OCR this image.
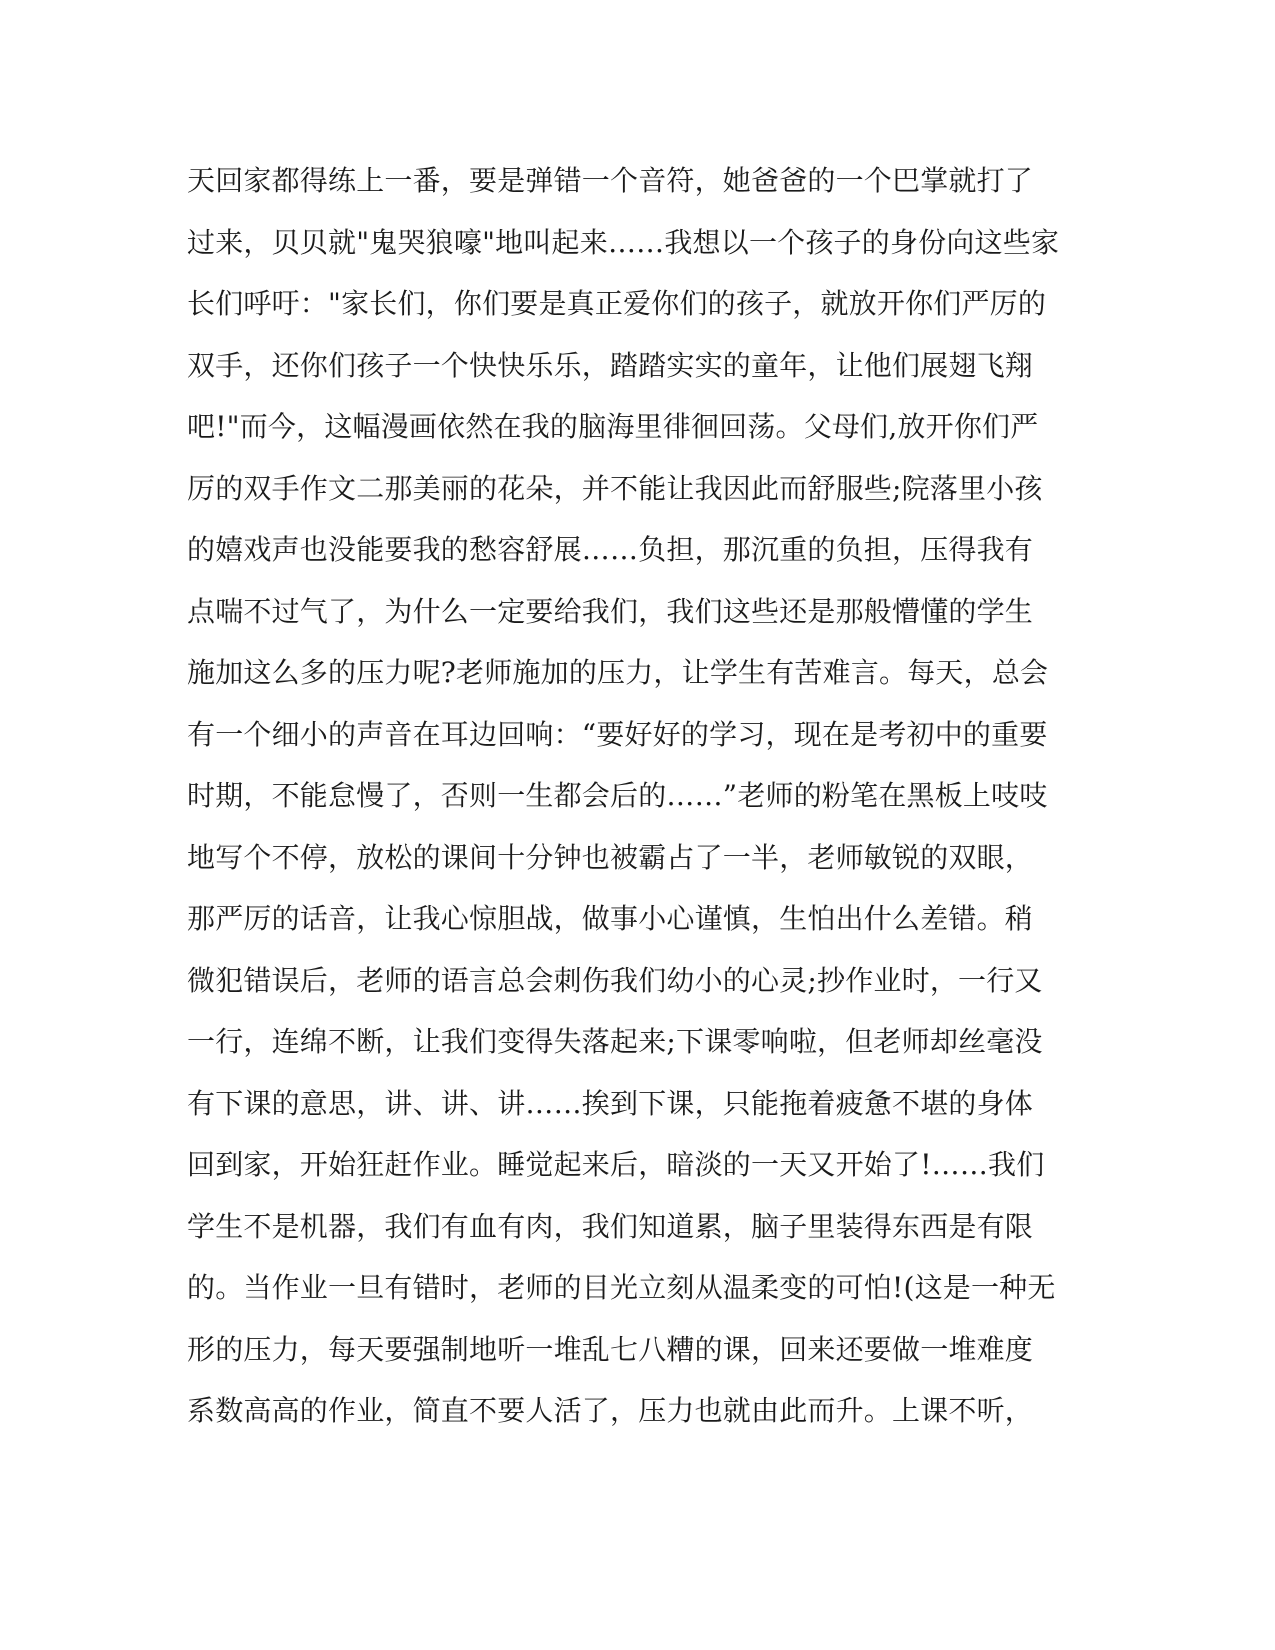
天回家都得练上一番，要是弹错一个音符，她爸爸的一个巴掌就打了
过来，贝贝就"鬼哭狼嚎"地叫起来……我想以一个孩子的身份向这些家
长们呼吁："家长们，你们要是真正爱你们的孩子，就放开你们严厉的
双手，还你们孩子一个快快乐乐，踏踏实实的童年，让他们展翅飞翔
吧!"而今，这幅漫画依然在我的脑海里徘徊回荡。父母们,放开你们严
厉的双手作文二那美丽的花朵，并不能让我因此而舒服些;院落里小孩
的嬉戏声也没能要我的愁容舒展……负担，那沉重的负担，压得我有
点喘不过气了，为什么一定要给我们，我们这些还是那般懵懂的学生
施加这么多的压力呢?老师施加的压力，让学生有苦难言。每天，总会
有一个细小的声音在耳边回响：“要好好的学习，现在是考初中的重要
时期，不能怠慢了，否则一生都会后的……”老师的粉笔在黑板上吱吱
地写个不停，放松的课间十分钟也被霸占了一半，老师敏锐的双眼，
那严厉的话音，让我心惊胆战，做事小心谨慎，生怕出什么差错。稍
微犯错误后，老师的语言总会刺伤我们幼小的心灵;抄作业时，一行又
一行，连绵不断，让我们变得失落起来;下课零响啦，但老师却丝毫没
有下课的意思，讲、讲、讲……挨到下课，只能拖着疲惫不堪的身体
回到家，开始狂赶作业。睡觉起来后，暗淡的一天又开始了!……我们
学生不是机器，我们有血有肉，我们知道累，脑子里装得东西是有限
的。当作业一旦有错时，老师的目光立刻从温柔变的可怕!(这是一种无
形的压力，每天要强制地听一堆乱七八糟的课，回来还要做一堆难度
系数高高的作业，简直不要人活了，压力也就由此而升。上课不听，
